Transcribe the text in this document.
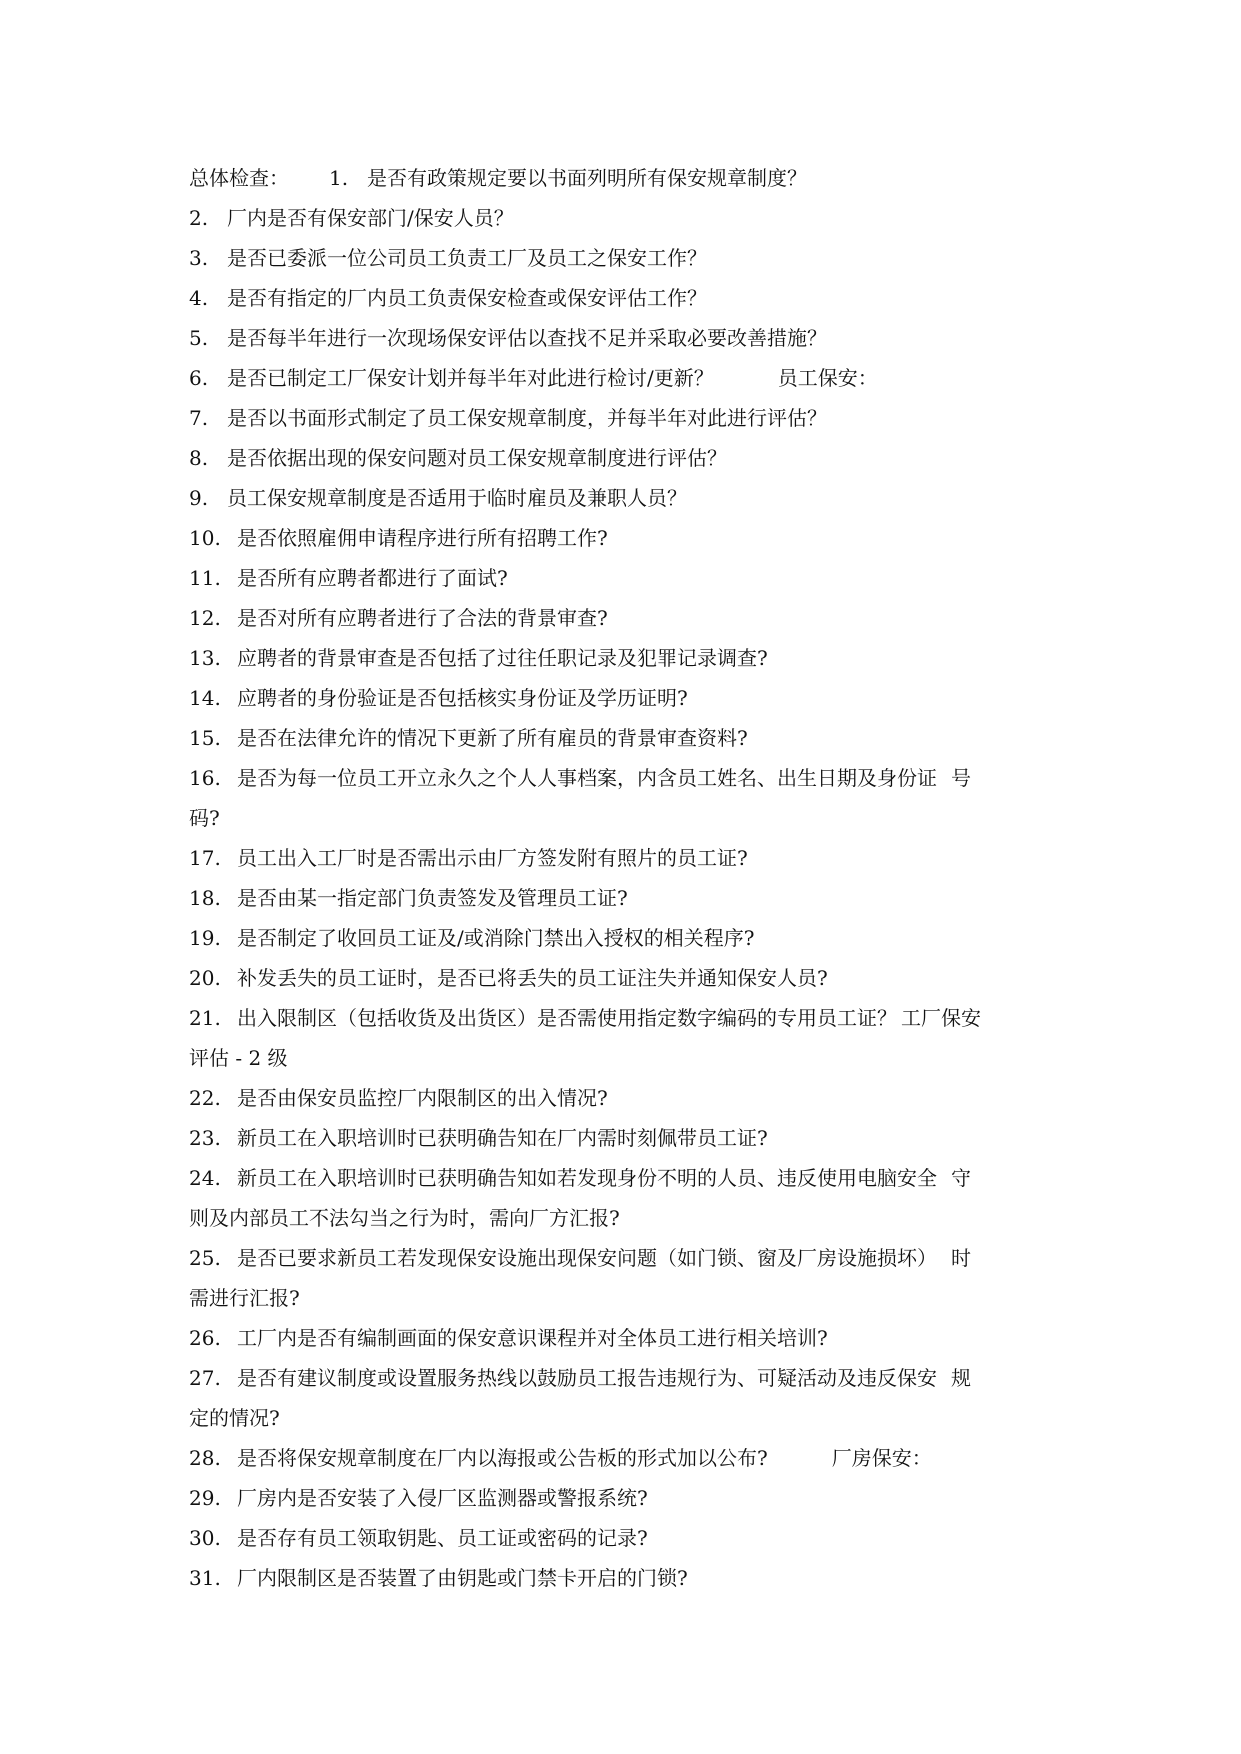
总体检查： 1. 是否有政策规定要以书面列明所有保安规章制度？
2. 厂内是否有保安部门/保安人员？
3. 是否已委派一位公司员工负责工厂及员工之保安工作？
4. 是否有指定的厂内员工负责保安检查或保安评估工作？
5. 是否每半年进行一次现场保安评估以查找不足并采取必要改善措施？
6. 是否已制定工厂保安计划并每半年对此进行检讨/更新？	员工保安：
7. 是否以书面形式制定了员工保安规章制度，并每半年对此进行评估？
8. 是否依据出现的保安问题对员工保安规章制度进行评估？
9. 员工保安规章制度是否适用于临时雇员及兼职人员？
10. 是否依照雇佣申请程序进行所有招聘工作?
11. 是否所有应聘者都进行了面试?
12. 是否对所有应聘者进行了合法的背景审查?
13. 应聘者的背景审查是否包括了过往任职记录及犯罪记录调查?
14. 应聘者的身份验证是否包括核实身份证及学历证明?
15. 是否在法律允许的情况下更新了所有雇员的背景审查资料?
16. 是否为每一位员工开立永久之个人人事档案，内含员工姓名、出生日期及身份证 号
码?
17. 员工出入工厂时是否需出示由厂方签发附有照片的员工证?
18. 是否由某一指定部门负责签发及管理员工证?
19. 是否制定了收回员工证及/或消除门禁出入授权的相关程序?
20. 补发丢失的员工证时，是否已将丢失的员工证注失并通知保安人员?
21. 出入限制区（包括收货及出货区）是否需使用指定数字编码的专用员工证？ 工厂保安
评估 - 2 级
22. 是否由保安员监控厂内限制区的出入情况?
23. 新员工在入职培训时已获明确告知在厂内需时刻佩带员工证?
24. 新员工在入职培训时已获明确告知如若发现身份不明的人员、违反使用电脑安全 守
则及内部员工不法勾当之行为时，需向厂方汇报?
25. 是否已要求新员工若发现保安设施出现保安问题（如门锁、窗及厂房设施损坏） 时
需进行汇报?
26. 工厂内是否有编制画面的保安意识课程并对全体员工进行相关培训?
27. 是否有建议制度或设置服务热线以鼓励员工报告违规行为、可疑活动及违反保安 规
定的情况?
28. 是否将保安规章制度在厂内以海报或公告板的形式加以公布?	厂房保安：
29. 厂房内是否安装了入侵厂区监测器或警报系统?
30. 是否存有员工领取钥匙、员工证或密码的记录?
31. 厂内限制区是否装置了由钥匙或门禁卡开启的门锁?
